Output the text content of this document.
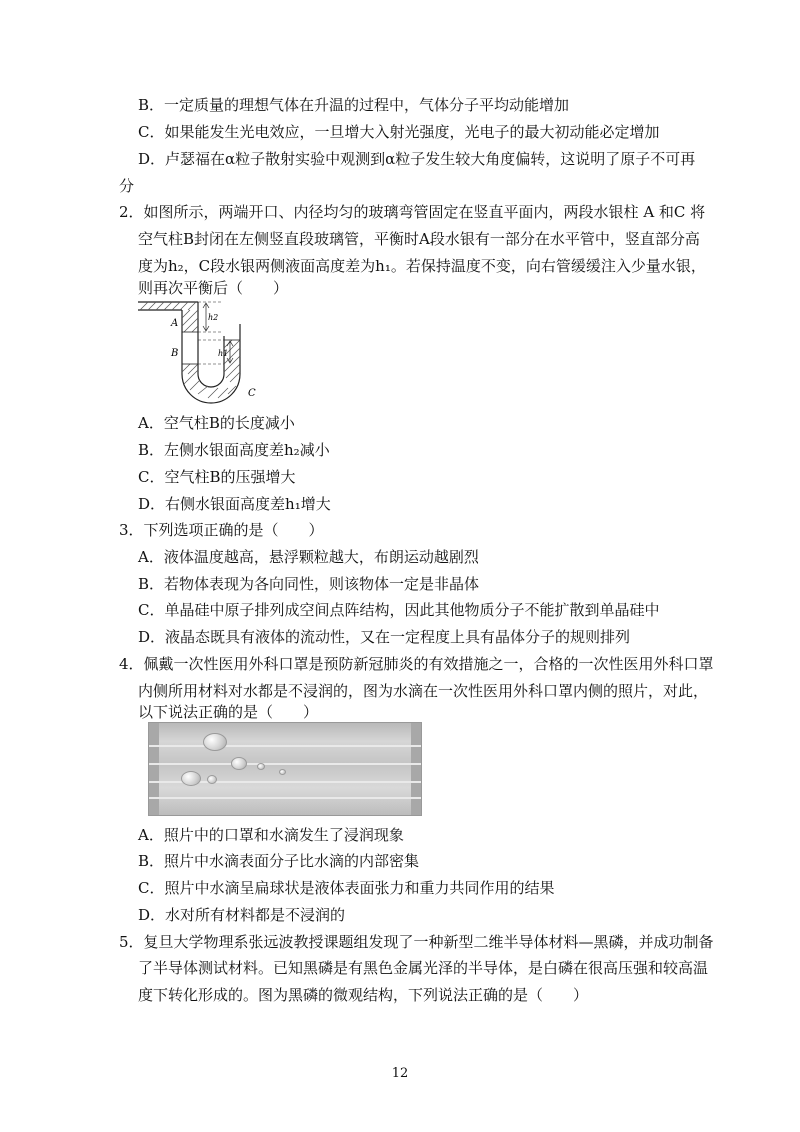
B．一定质量的理想气体在升温的过程中，气体分子平均动能增加
C．如果能发生光电效应，一旦增大入射光强度，光电子的最大初动能必定增加
D．卢瑟福在α粒子散射实验中观测到α粒子发生较大角度偏转，这说明了原子不可再
分
2．如图所示，两端开口、内径均匀的玻璃弯管固定在竖直平面内，两段水银柱 A 和C 将
空气柱B封闭在左侧竖直段玻璃管，平衡时A段水银有一部分在水平管中，竖直部分高
度为h₂，C段水银两侧液面高度差为h₁。若保持温度不变，向右管缓缓注入少量水银，
则再次平衡后（　　）
A
B
C
h2
h1
A．空气柱B的长度减小
B．左侧水银面高度差h₂减小
C．空气柱B的压强增大
D．右侧水银面高度差h₁增大
3．下列选项正确的是（　　）
A．液体温度越高，悬浮颗粒越大，布朗运动越剧烈
B．若物体表现为各向同性，则该物体一定是非晶体
C．单晶硅中原子排列成空间点阵结构，因此其他物质分子不能扩散到单晶硅中
D．液晶态既具有液体的流动性，又在一定程度上具有晶体分子的规则排列
4．佩戴一次性医用外科口罩是预防新冠肺炎的有效措施之一，合格的一次性医用外科口罩
内侧所用材料对水都是不浸润的，图为水滴在一次性医用外科口罩内侧的照片，对此，
以下说法正确的是（　　）
A．照片中的口罩和水滴发生了浸润现象
B．照片中水滴表面分子比水滴的内部密集
C．照片中水滴呈扁球状是液体表面张力和重力共同作用的结果
D．水对所有材料都是不浸润的
5．复旦大学物理系张远波教授课题组发现了一种新型二维半导体材料—黑磷，并成功制备
了半导体测试材料。已知黑磷是有黑色金属光泽的半导体，是白磷在很高压强和较高温
度下转化形成的。图为黑磷的微观结构，下列说法正确的是（　　）
12
